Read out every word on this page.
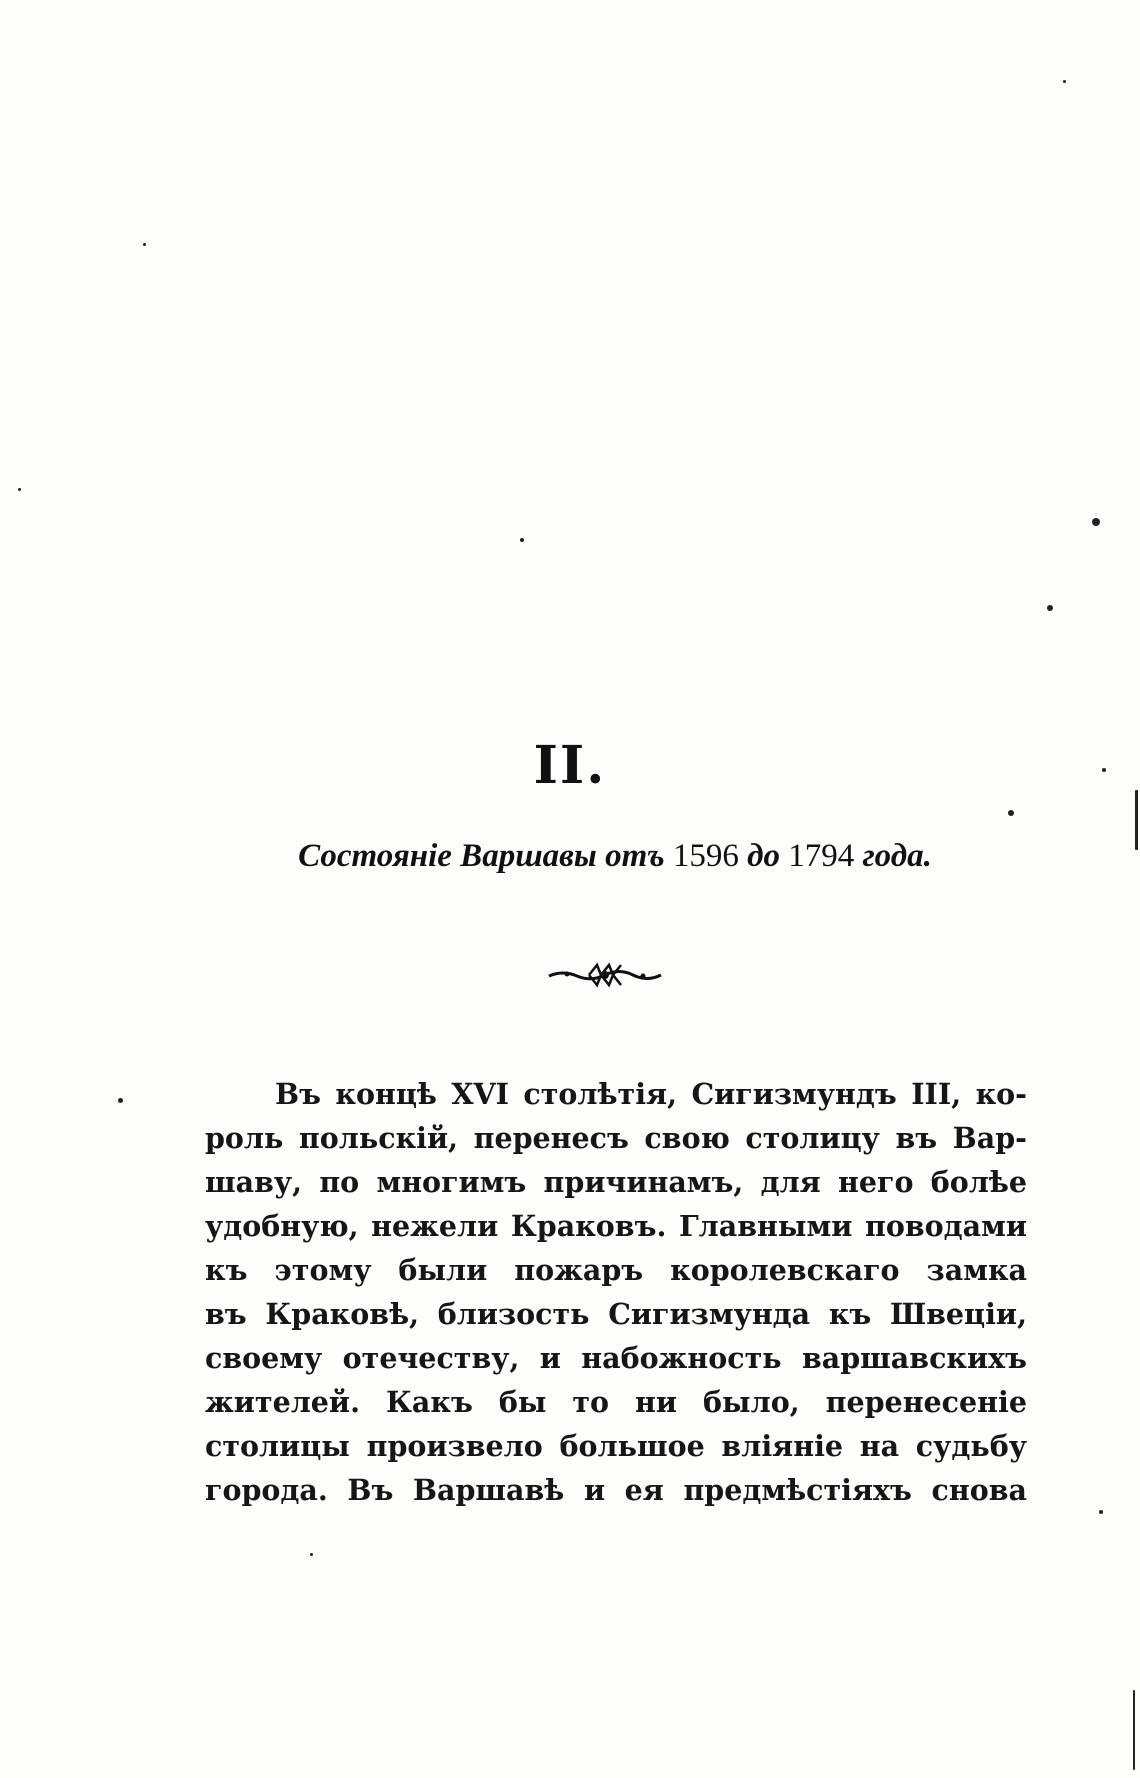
II.
Состояніе Варшавы отъ 1596 до 1794 года.
Въ концѣ XVI столѣтія, Сигизмундъ III, ко-
роль польскій, перенесъ свою столицу въ Вар-
шаву, по многимъ причинамъ, для него болѣе
удобную, нежели Краковъ. Главными поводами
къ этому были пожаръ королевскаго замка
въ Краковѣ, близость Сигизмунда къ Швеціи,
своему отечеству, и набожность варшавскихъ
жителей. Какъ бы то ни было, перенесеніе
столицы произвело большое вліяніе на судьбу
города. Въ Варшавѣ и ея предмѣстіяхъ снова
